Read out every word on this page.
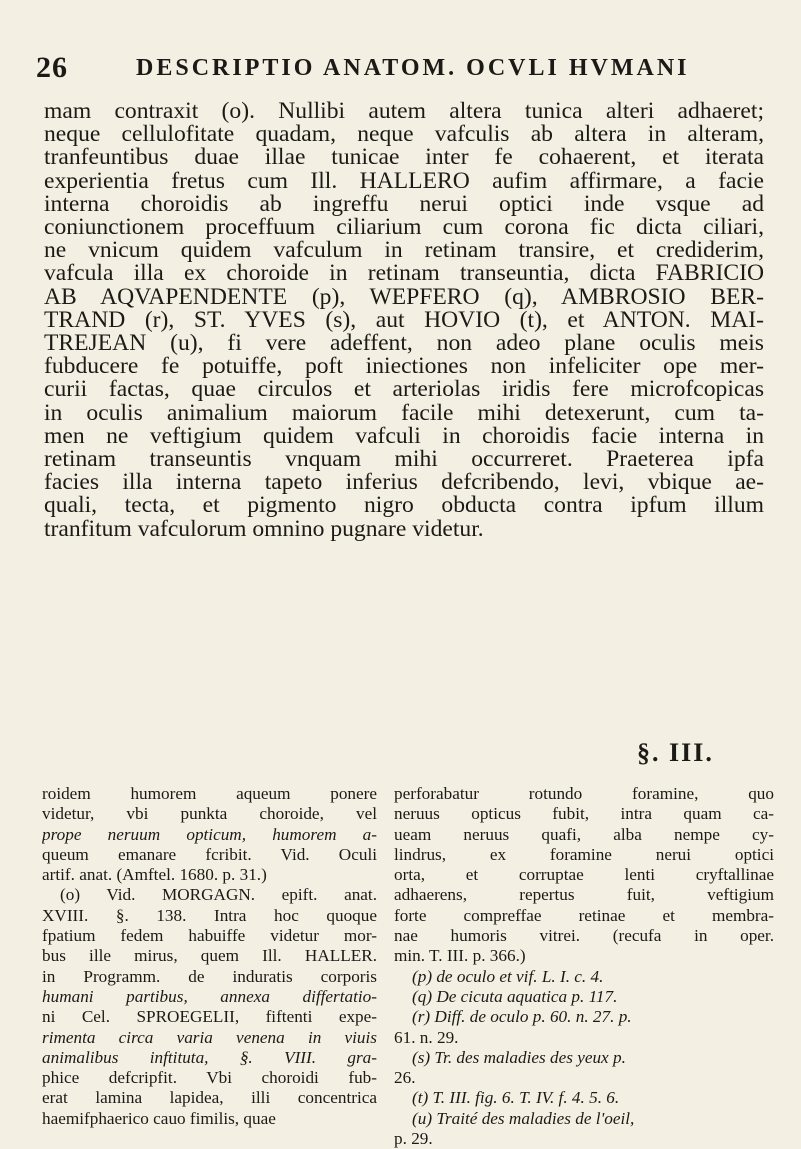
26	DESCRIPTIO ANATOM. OCVLI HVMANI
mam contraxit (o). Nullibi autem altera tunica alteri adhaeret;
neque cellulofitate quadam, neque vafculis ab altera in alteram,
tranfeuntibus duae illae tunicae inter fe cohaerent, et iterata
experientia fretus cum Ill. HALLERO aufim affirmare, a facie
interna choroidis ab ingreffu nerui optici inde vsque ad
coniunctionem proceffuum ciliarium cum corona fic dicta ciliari,
ne vnicum quidem vafculum in retinam transire, et crediderim,
vafcula illa ex choroide in retinam transeuntia, dicta FABRICIO
AB AQVAPENDENTE (p), WEPFERO (q), AMBROSIO BER-
TRAND (r), ST. YVES (s), aut HOVIO (t), et ANTON. MAI-
TREJEAN (u), fi vere adeffent, non adeo plane oculis meis
fubducere fe potuiffe, poft iniectiones non infeliciter ope mer-
curii factas, quae circulos et arteriolas iridis fere microfcopicas
in oculis animalium maiorum facile mihi detexerunt, cum ta-
men ne veftigium quidem vafculi in choroidis facie interna in
retinam transeuntis vnquam mihi occurreret. Praeterea ipfa
facies illa interna tapeto inferius defcribendo, levi, vbique ae-
quali, tecta, et pigmento nigro obducta contra ipfum illum
tranfitum vafculorum omnino pugnare videtur.
§. III.
roidem humorem aqueum ponere
videtur, vbi punkta choroide, vel
prope neruum opticum, humorem a-
queum emanare fcribit. Vid. Oculi
artif. anat. (Amftel. 1680. p. 31.)
(o) Vid. MORGAGN. epift. anat.
XVIII. §. 138. Intra hoc quoque
fpatium fedem habuiffe videtur mor-
bus ille mirus, quem Ill. HALLER.
in Programm. de induratis corporis
humani partibus, annexa differtatio-
ni Cel. SPROEGELII, fiftenti expe-
rimenta circa varia venena in viuis
animalibus inftituta, §. VIII. gra-
phice defcripfit. Vbi choroidi fub-
erat lamina lapidea, illi concentrica
haemifphaerico cauo fimilis, quae
perforabatur rotundo foramine, quo
neruus opticus fubit, intra quam ca-
ueam neruus quafi, alba nempe cy-
lindrus, ex foramine nerui optici
orta, et corruptae lenti cryftallinae
adhaerens, repertus fuit, veftigium
forte compreffae retinae et membra-
nae humoris vitrei. (recufa in oper.
min. T. III. p. 366.)
(p) de oculo et vif. L. I. c. 4.
(q) De cicuta aquatica p. 117.
(r) Diff. de oculo p. 60. n. 27. p.
61. n. 29.
(s) Tr. des maladies des yeux p.
26.
(t) T. III. fig. 6. T. IV. f. 4. 5. 6.
(u) Traité des maladies de l'oeil,
p. 29.
